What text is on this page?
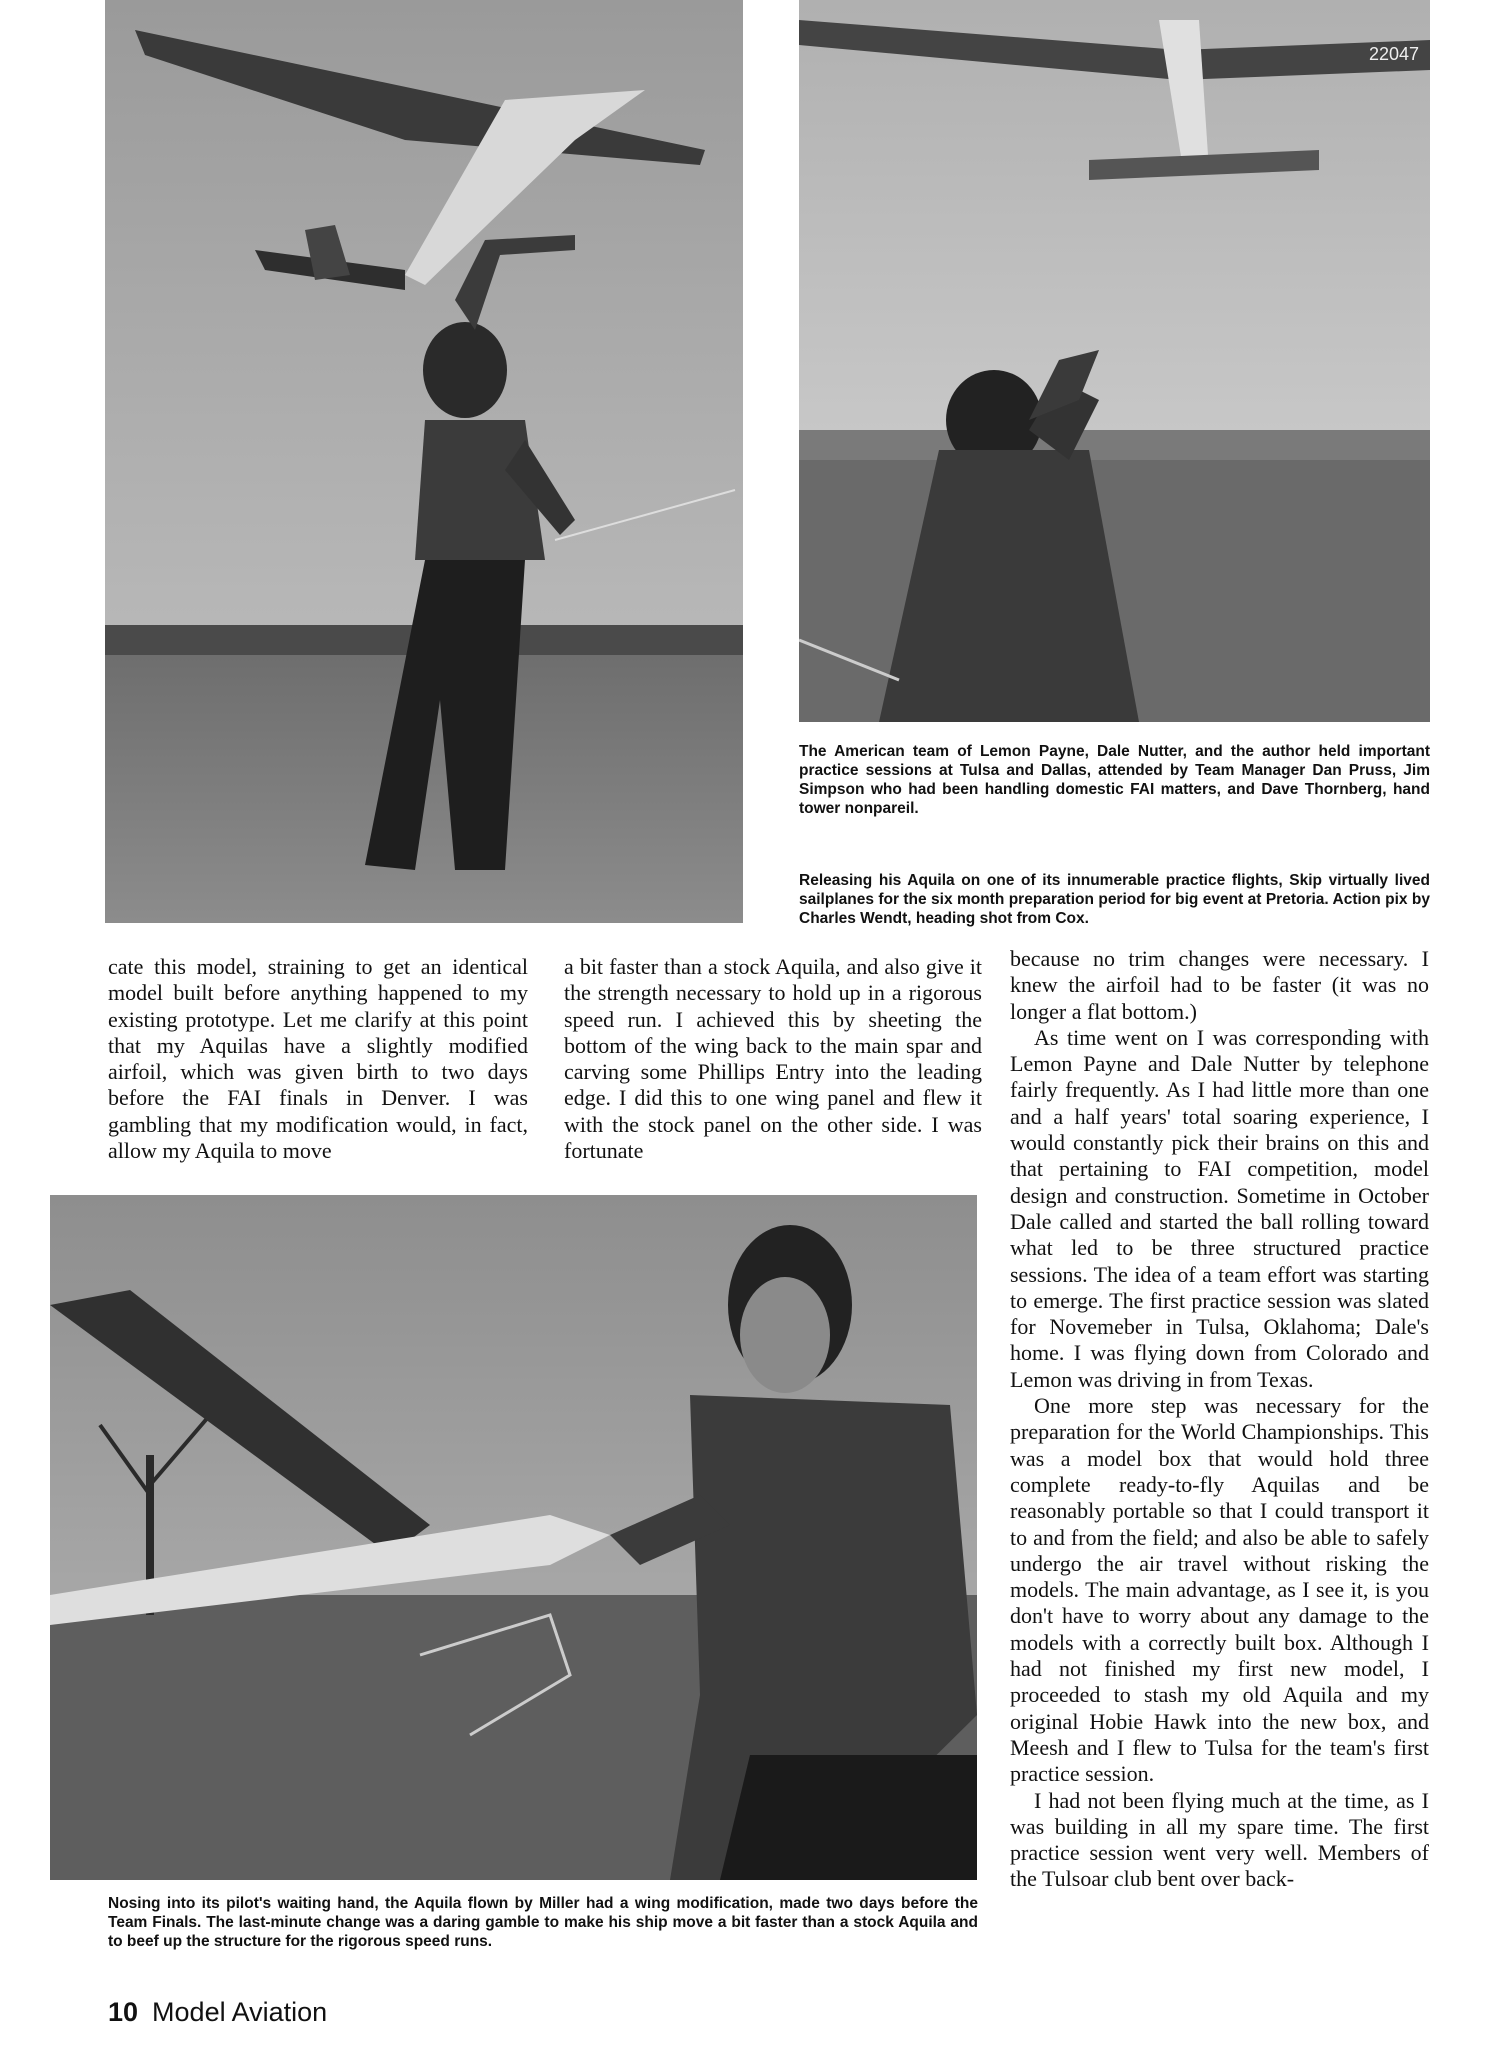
22047
The American team of Lemon Payne, Dale Nutter, and the author held important practice sessions at Tulsa and Dallas, attended by Team Manager Dan Pruss, Jim Simpson who had been handling domestic FAI matters, and Dave Thornberg, hand tower nonpareil.
Releasing his Aquila on one of its innumerable practice flights, Skip virtually lived sailplanes for the six month preparation period for big event at Pretoria. Action pix by Charles Wendt, heading shot from Cox.
Nosing into its pilot's waiting hand, the Aquila flown by Miller had a wing modification, made two days before the Team Finals. The last-minute change was a daring gamble to make his ship move a bit faster than a stock Aquila and to beef up the structure for the rigorous speed runs.

cate this model, straining to get an identical model built before anything happened to my existing prototype. Let me clarify at this point that my Aquilas have a slightly modified airfoil, which was given birth to two days before the FAI finals in Denver. I was gambling that my modification would, in fact, allow my Aquila to move

a bit faster than a stock Aquila, and also give it the strength necessary to hold up in a rigorous speed run. I achieved this by sheeting the bottom of the wing back to the main spar and carving some Phillips Entry into the leading edge. I did this to one wing panel and flew it with the stock panel on the other side. I was fortunate

because no trim changes were necessary. I knew the airfoil had to be faster (it was no longer a flat bottom.)

As time went on I was corresponding with Lemon Payne and Dale Nutter by telephone fairly frequently. As I had little more than one and a half years' total soaring experience, I would constantly pick their brains on this and that pertaining to FAI competition, model design and construction. Sometime in October Dale called and started the ball rolling toward what led to be three structured practice sessions. The idea of a team effort was starting to emerge. The first practice session was slated for Novemeber in Tulsa, Oklahoma; Dale's home. I was flying down from Colorado and Lemon was driving in from Texas.

One more step was necessary for the preparation for the World Championships. This was a model box that would hold three complete ready-to-fly Aquilas and be reasonably portable so that I could transport it to and from the field; and also be able to safely undergo the air travel without risking the models. The main advantage, as I see it, is you don't have to worry about any damage to the models with a correctly built box. Although I had not finished my first new model, I proceeded to stash my old Aquila and my original Hobie Hawk into the new box, and Meesh and I flew to Tulsa for the team's first practice session.

I had not been flying much at the time, as I was building in all my spare time. The first practice session went very well. Members of the Tulsoar club bent over back-

10 Model Aviation
